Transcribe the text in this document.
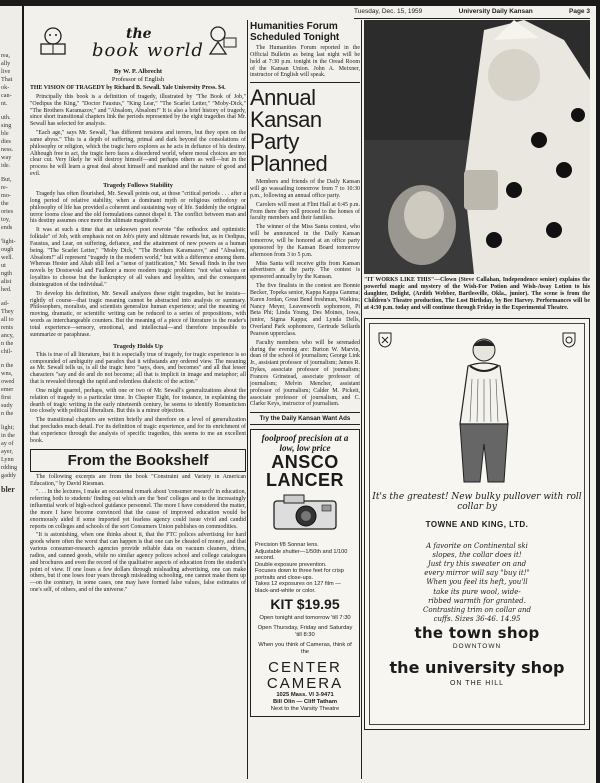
rea,
ally
live
That
ok-
can-
nt.
uth.
sing
ble
dies
ness.
way
ide.
But,
re-
mo-
the
ories
toy,
ends
'light-
ough
well.
ut
ngth
alist
hed.
ad-
They
all to
rents
ancy,
n the
chil-
n the
wns,
owed
emer
first
sudy
n the
light;
in the
ay of
ayer,
Lynn
rdding
gaddy
bler
Tuesday, Dec. 15, 1959	University Daily Kansan	Page 3
the
book world
By W. P. Albrecht
Professor of English

THE VISION OF TRAGEDY by Richard B. Sewall. Yale University Press. $4.

Principally this book is a definition of tragedy, illustrated by "The Book of Job," "Oedipus the King," "Doctor Faustus," "King Lear," "The Scarlet Letter," "Moby-Dick," "The Brothers Karamazov," and "Absalom, Absalom!" It is also a brief history of tragedy, since short transitional chapters link the periods represented by the eight tragedies that Mr. Sewall has selected for analysis.

"Each age," says Mr. Sewall, "has different tensions and terrors, but they open on the same abyss." This is a depth of suffering, primal and dark beyond the consolations of philosophy or religion, which the tragic hero explores as he acts in defiance of his destiny. Although free to act, the tragic hero faces a disordered world, where moral choices are not clear cut. Very likely he will destroy himself—and perhaps others as well—but in the process he will learn a great deal about himself and mankind and the nature of good and evil.

Tragedy Follows Stability

Tragedy has often flourished, Mr. Sewall points out, at those "critical periods . . . after a long period of relative stability, when a dominant myth or religious orthodoxy or philosophy of life has provided a coherent and sustaining way of life. Suddenly the original terror looms close and the old formulations cannot dispel it. The conflict between man and his destiny assumes once more the ultimate magnitude."

It was at such a time that an unknown poet rewrote "the orthodox and optimistic folktale" of Job, with emphasis not on Job's piety and ultimate rewards but, as in Oedipus, Faustus, and Lear, on suffering, defiance, and the attainment of new powers as a human being. "The Scarlet Letter," "Moby Dick," "The Brothers Karamazov," and "Absalom, Absalom!" all represent "tragedy in the modern world," but with a difference among them. Whereas Hester and Ahab still feel a "sense of justification," Mr. Sewall finds in the two novels by Dostoevski and Faulkner a more modern tragic problem: "not what values or loyalties to choose but the bankruptcy of all values and loyalties, and the consequent disintegration of the individual."

To develop his definition, Mr. Sewall analyzes these eight tragedies, but he insists—rightly of course—that tragic meaning cannot be abstracted into analysis or summary. Philosophers, moralists, and scientists generalize human experience; and the meaning of moving, dramatic, or scientific writing can be reduced to a series of propositions, with words as interchangeable counters. But the meaning of a piece of literature is the reader's total experience—sensory, emotional, and intellectual—and therefore impossible to summarize or paraphrase.

Tragedy Holds Up

This is true of all literature, but it is especially true of tragedy, for tragic experience is so compounded of ambiguity and paradox that it withstands any ordered view. The meaning as Mr. Sewall tells us, is all the tragic hero "says, does, and becomes" and all that lesser characters "say and do and do not become; all that is implicit in image and metaphor; all that is revealed through the rapid and relentless dialectic of the action."

One might quarrel, perhaps, with one or two of Mr. Sewall's generalizations about the relation of tragedy to a particular time. In Chapter Eight, for instance, in explaining the dearth of tragic writing in the early nineteenth century, he seems to identify Romanticism too closely with political liberalism. But this is a minor objection.

The transitional chapters are written briefly and therefore on a level of generalization that precludes much detail. For its definition of tragic experience, and for its enrichment of that experience through the analysis of specific tragedies, this seems to me an excellent book.

From the Bookshelf

The following excerpts are from the book "Constraint and Variety in American Education," by David Riesman.

". . . In the lectures, I make an occasional remark about 'consumer research' in education, referring both to students' finding out which are the 'best' colleges and to the increasingly influential work of high-school guidance personnel. The more I have considered the matter, the more I have become convinced that the cause of improved education would be enormously aided if some imported yet fearless agency could issue vivid and candid reports on colleges and schools of the sort Consumers Union publishes on commodities.

"It is astonishing, when one thinks about it, that the FTC polices advertising for hard goods where often the worst that can happen is that one can be cheated of money, and that various consumer-research agencies provide reliable data on vacuum cleaners, driers, radios, and canned goods, while no similar agency polices school and college catalogues and brochures and even the record of the qualitative aspects of education from the student's point of view. If one loses a few dollars through misleading advertising, one can make others, but if one loses four years through misleading schooling, one cannot make them up—on the contrary, in some cases, one may have formed false values, false estimates of one's self, of others, and of the universe."

Humanities Forum Scheduled Tonight

The Humanities Forum reported in the Official Bulletin as being last night will be held at 7:30 p.m. tonight in the Oread Room of the Kansan Union. John A. Meixner, instructor of English will speak.

Annual Kansan Party Planned

Members and friends of the Daily Kansan will go wassailing tomorrow from 7 to 10:30 p.m., following an annual office party.

Carolers will meet at Flint Hall at 6:45 p.m. From there they will proceed to the homes of faculty members and their families.

The winner of the Miss Santa contest, who will be announced in the Daily Kansan tomorrow, will be honored at an office party sponsored by the Kansan Board tomorrow afternoon from 3 to 5 p.m.

Miss Santa will receive gifts from Kansan advertisers at the party. The contest is sponsored annually by the Kansan.

The five finalists in the contest are Bonnie Becker, Topeka senior, Kappa Kappa Gamma; Karen Jordan, Great Bend freshman, Watkins; Nancy Meyer, Leavenworth sophomore, Pi Beta Phi; Linda Young, Des Moines, Iowa, junior, Sigma Kappa; and Lynda Dells, Overland Park sophomore, Gertrude Sellards Pearson upperclass.

Faculty members who will be serenaded during the evening are: Burton W. Marvin, dean of the school of journalism; George Link Jr., assistant professor of journalism; James R. Dykes, associate professor of journalism; Frances Grinstead, associate professor of journalism; Melvin Mencher, assistant professor of journalism; Calder M. Pickett, associate professor of journalism, and C. Clarke Keys, instructor of journalism.

Try the Daily Kansan Want Ads
foolproof precision at a low, low price
ANSCO
LANCER
Precision f/8 Sonnar lens.
Adjustable shutter—1/50th and 1/100 second.
Double exposure prevention.
Focuses down to three feet for crisp portraits and close-ups.
Takes 12 exposures on 127 film —black-and-white or color.
KIT $19.95
Open tonight and tomorrow 'till 7:30
Open Thursday, Friday and Saturday 'till 8:30
When you think of Cameras, think of the
CENTER
CAMERA
1025 Mass. VI 3-9471
Bill Olin — Cliff Tatham
Next to the Varsity Theatre
"IT WORKS LIKE THIS"—Clown (Steve Callahan, Independence senior) explains the powerful magic and mystery of the Wish-For Potion and Wish-Away Lotion to his daughter, Delight, (Ardith Webber, Bartlesville, Okla., junior). The scene is from the Children's Theatre production, The Lost Birthday, by Bee Harvey. Performances will be at 4:30 p.m. today and will continue through Friday in the Experimental Theatre.
It's the greatest! New bulky pullover with roll collar by
TOWNE AND KING, LTD.
A favorite on Continental ski slopes, the collar does it!
Just try this sweater on and every mirror will say "buy it!"
When you feel its heft, you'll take its pure wool, wide-ribbed warmth for granted.
Contrasting trim on collar and cuffs. Sizes 36-46. 14.95
the town shop
DOWNTOWN
the university shop
ON THE HILL
